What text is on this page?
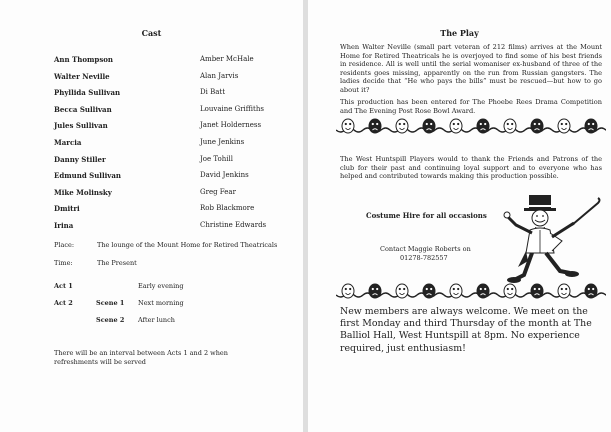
Cast
Ann Thompson	Amber McHale
Walter Neville	Alan Jarvis
Phyllida Sullivan	Di Batt
Becca Sullivan	Louvaine Griffiths
Jules Sullivan	Janet Holderness
Marcia	June Jenkins
Danny Stiller	Joe Tohill
Edmund Sullivan	David Jenkins
Mike Molinsky	Greg Fear
Dmitri	Rob Blackmore
Irina	Christine Edwards
Place:	The lounge of the Mount Home for Retired Theatricals
Time:	The Present
Act 1	Early evening
Act 2	Scene 1 Next morning
Scene 2 After lunch
There will be an interval between Acts 1 and 2 when
refreshments will be served
The Play
When Walter Neville (small part veteran of 212 films) arrives at the Mount Home for Retired Theatricals he is overjoyed to find some of his best friends in residence. All is well until the serial womaniser ex-husband of three of the residents goes missing, apparently on the run from Russian gangsters. The ladies decide that “He who pays the bills” must be rescued—but how to go about it?
This production has been entered for The Phoebe Rees Drama Competition and The Evening Post Rose Bowl Award.
The West Huntspill Players would to thank the Friends and Patrons of the club for their past and continuing loyal support and to everyone who has helped and contributed towards making this production possible.
Costume Hire for all occasions
Contact Maggie Roberts on
01278-782557
New members are always welcome. We meet on the first Monday and third Thursday of the month at The Balliol Hall, West Huntspill at 8pm. No experience required, just enthusiasm!
